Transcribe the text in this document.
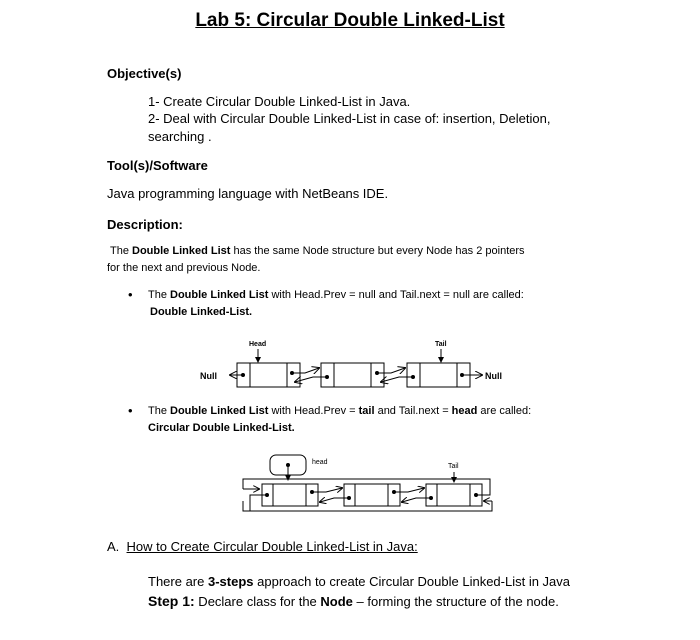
Lab 5: Circular Double Linked-List
Objective(s)
1- Create Circular Double Linked-List in Java.
2- Deal with Circular Double Linked-List in case of: insertion, Deletion,
searching .
Tool(s)/Software
Java programming language with NetBeans IDE.
Description:
The Double Linked List has the same Node structure but every Node has 2 pointers
for the next and previous Node.
• The Double Linked List with Head.Prev = null and Tail.next = null are called:
Double Linked-List.
Head	Tail
Null	Null
• The Double Linked List with Head.Prev = tail and Tail.next = head are called:
Circular Double Linked-List.
head
Tail
A. How to Create Circular Double Linked-List in Java:
There are 3-steps approach to create Circular Double Linked-List in Java
Step 1: Declare class for the Node – forming the structure of the node.
